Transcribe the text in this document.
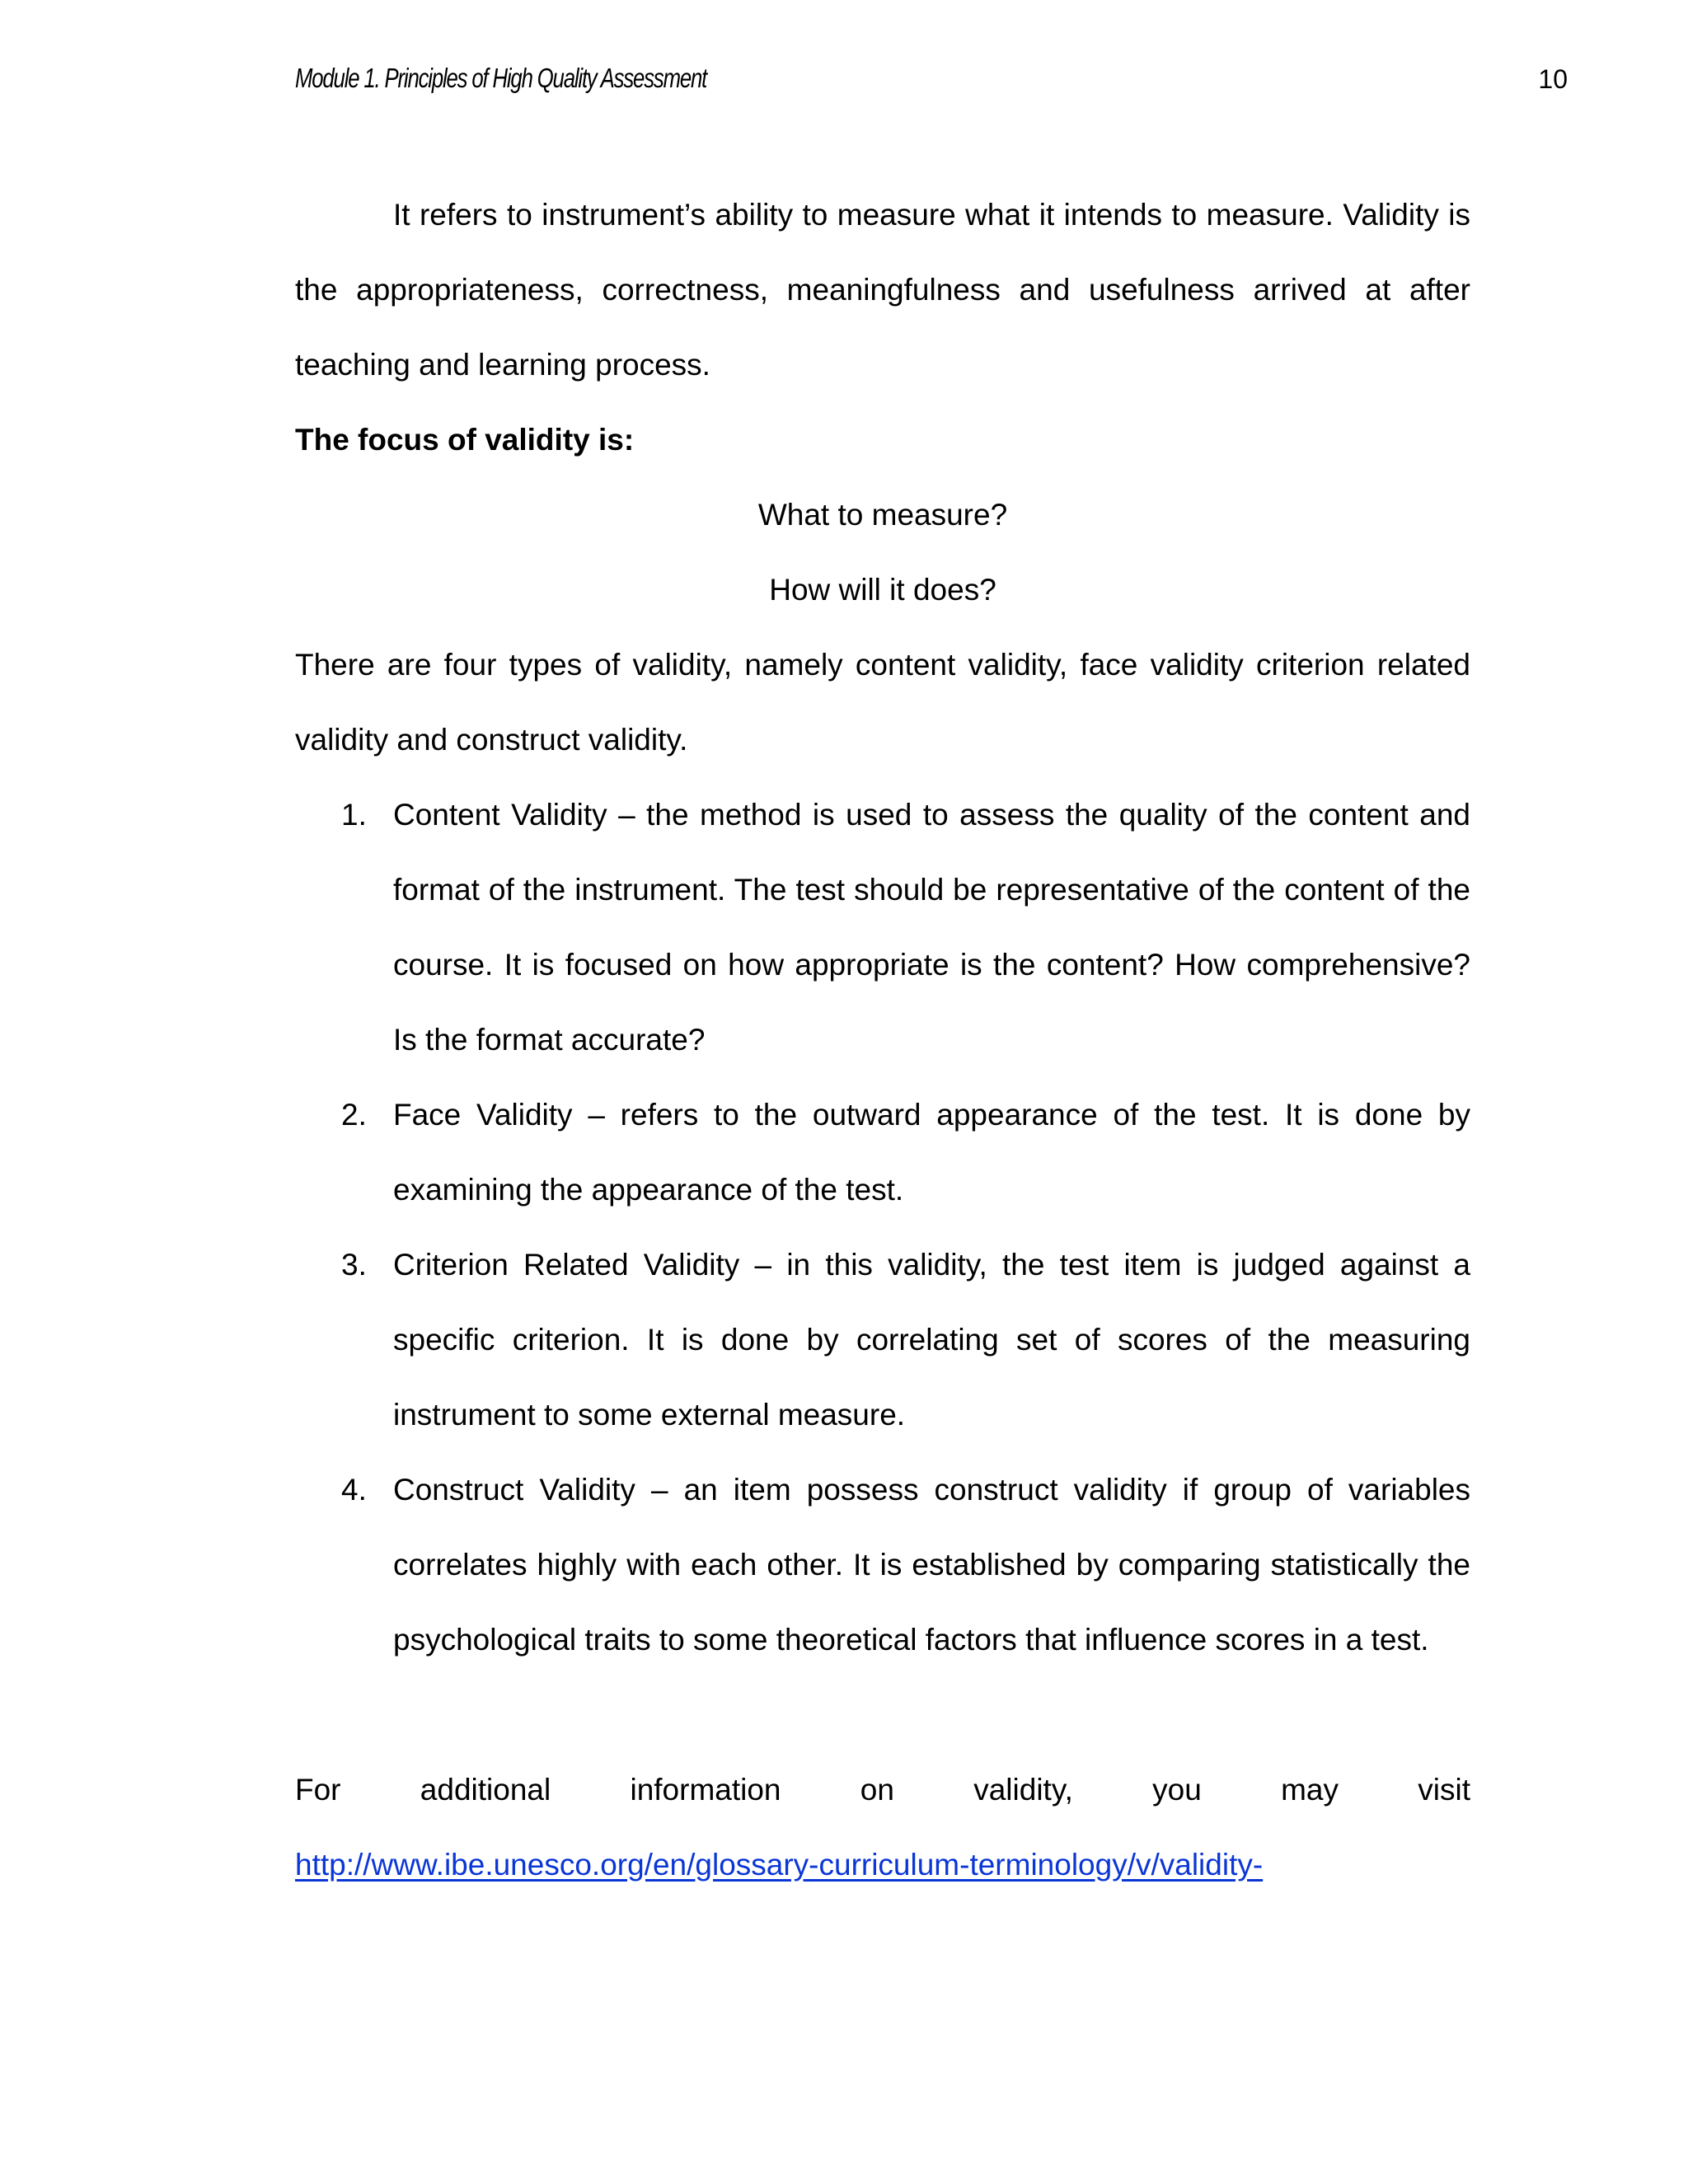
Module 1. Principles of High Quality Assessment	10

It refers to instrument’s ability to measure what it intends to measure. Validity is the appropriateness, correctness, meaningfulness and usefulness arrived at after teaching and learning process.

The focus of validity is:

What to measure?
How will it does?

There are four types of validity, namely content validity, face validity criterion related validity and construct validity.

1. Content Validity – the method is used to assess the quality of the content and format of the instrument. The test should be representative of the content of the course. It is focused on how appropriate is the content? How comprehensive? Is the format accurate?
2. Face Validity – refers to the outward appearance of the test. It is done by examining the appearance of the test.
3. Criterion Related Validity – in this validity, the test item is judged against a specific criterion. It is done by correlating set of scores of the measuring instrument to some external measure.
4. Construct Validity – an item possess construct validity if group of variables correlates highly with each other. It is established by comparing statistically the psychological traits to some theoretical factors that influence scores in a test.

For additional information on validity, you may visit

http://www.ibe.unesco.org/en/glossary-curriculum-terminology/v/validity-
